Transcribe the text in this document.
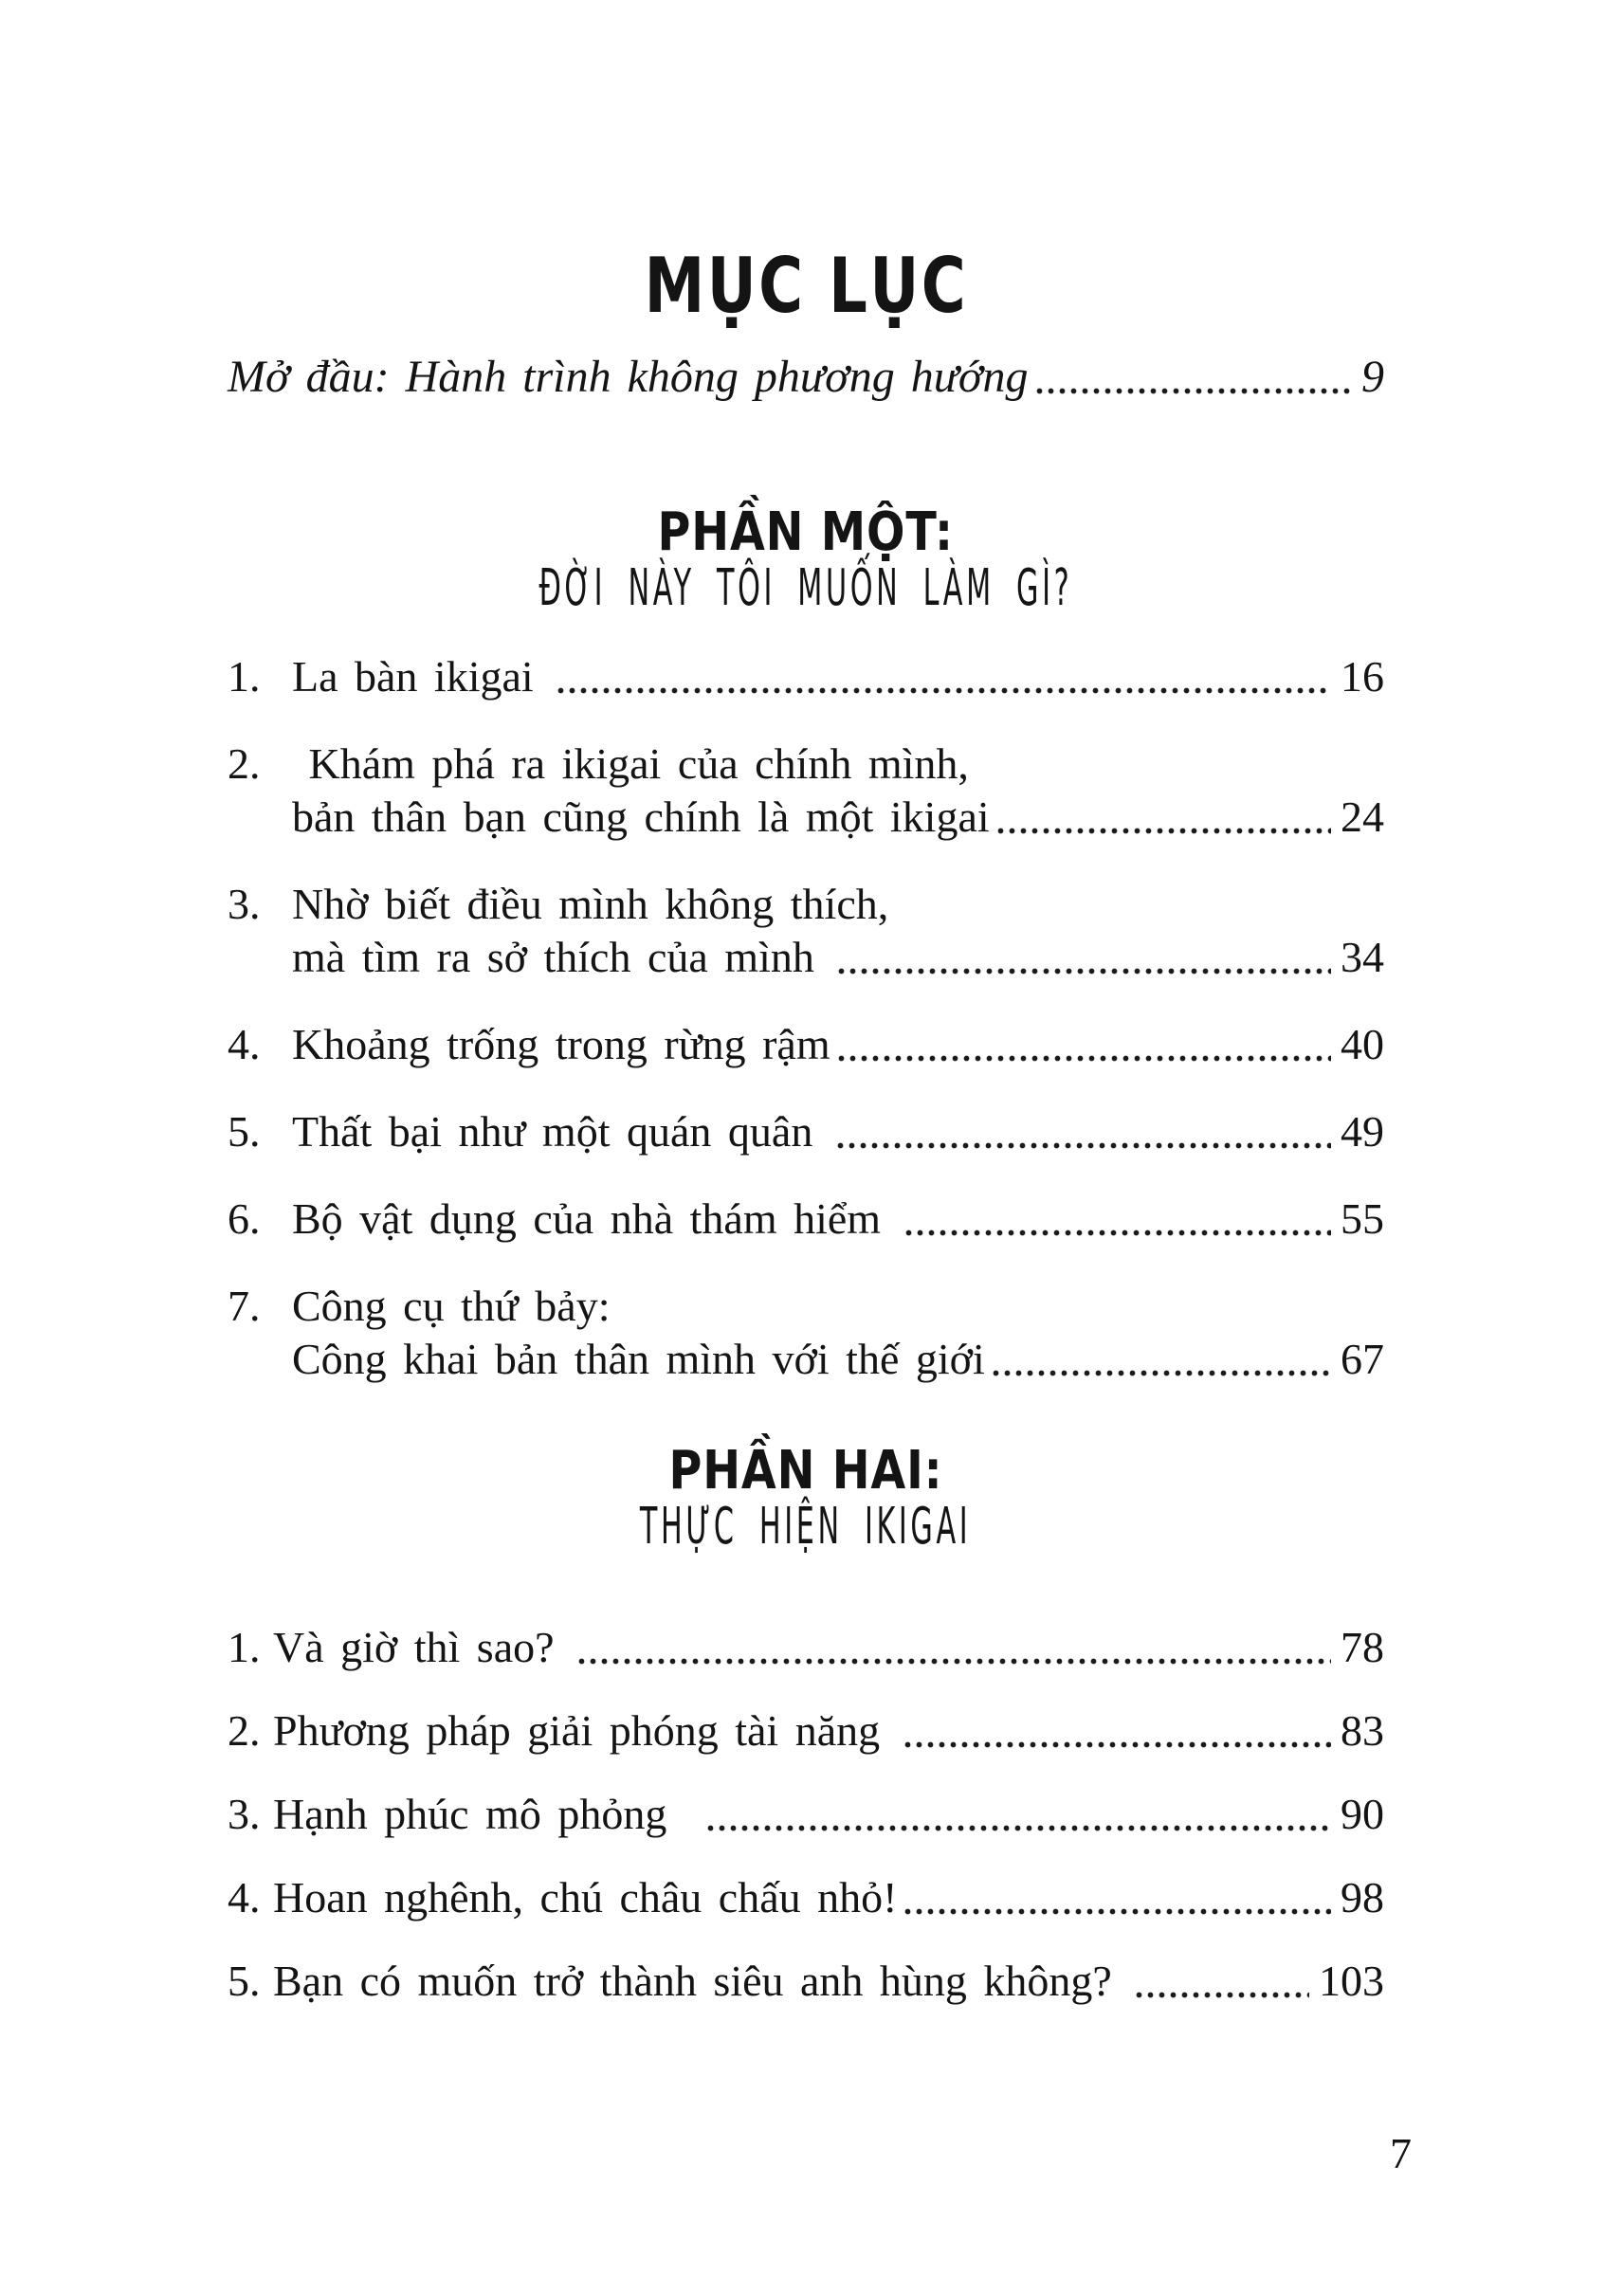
MỤC LỤC
Mở đầu: Hành trình không phương hướng	9
PHẦN MỘT:
ĐỜI NÀY TÔI MUỐN LÀM GÌ?
1. La bàn ikigai	16
2. Khám phá ra ikigai của chính mình,
bản thân bạn cũng chính là một ikigai	24
3. Nhờ biết điều mình không thích,
mà tìm ra sở thích của mình	34
4. Khoảng trống trong rừng rậm	40
5. Thất bại như một quán quân	49
6. Bộ vật dụng của nhà thám hiểm	55
7. Công cụ thứ bảy:
Công khai bản thân mình với thế giới	67
PHẦN HAI:
THỰC HIỆN IKIGAI
1. Và giờ thì sao?	78
2. Phương pháp giải phóng tài năng	83
3. Hạnh phúc mô phỏng	90
4. Hoan nghênh, chú châu chấu nhỏ!	98
5. Bạn có muốn trở thành siêu anh hùng không?	103
7
